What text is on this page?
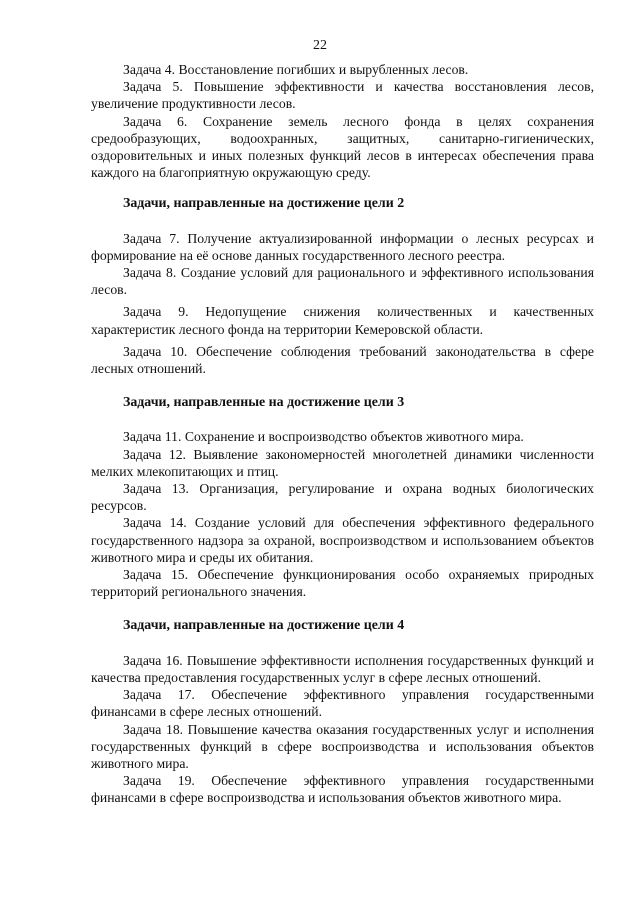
22

Задача 4. Восстановление погибших и вырубленных лесов.

Задача 5. Повышение эффективности и качества восстановления лесов, увеличение продуктивности лесов.

Задача 6. Сохранение земель лесного фонда в целях сохранения средообразующих, водоохранных, защитных, санитарно-гигиенических, оздоровительных и иных полезных функций лесов в интересах обеспечения права каждого на благоприятную окружающую среду.

Задачи, направленные на достижение цели 2

Задача 7. Получение актуализированной информации о лесных ресурсах и формирование на её основе данных государственного лесного реестра.

Задача 8. Создание условий для рационального и эффективного использования лесов.

Задача 9. Недопущение снижения количественных и качественных характеристик лесного фонда на территории Кемеровской области.

Задача 10. Обеспечение соблюдения требований законодательства в сфере лесных отношений.

Задачи, направленные на достижение цели 3

Задача 11. Сохранение и воспроизводство объектов животного мира.

Задача 12. Выявление закономерностей многолетней динамики численности мелких млекопитающих и птиц.

Задача 13. Организация, регулирование и охрана водных биологических ресурсов.

Задача 14. Создание условий для обеспечения эффективного федерального государственного надзора за охраной, воспроизводством и использованием объектов животного мира и среды их обитания.

Задача 15. Обеспечение функционирования особо охраняемых природных территорий регионального значения.

Задачи, направленные на достижение цели 4

Задача 16. Повышение эффективности исполнения государственных функций и качества предоставления государственных услуг в сфере лесных отношений.

Задача 17. Обеспечение эффективного управления государственными финансами в сфере лесных отношений.

Задача 18. Повышение качества оказания государственных услуг и исполнения государственных функций в сфере воспроизводства и использования объектов животного мира.

Задача 19. Обеспечение эффективного управления государственными финансами в сфере воспроизводства и использования объектов животного мира.
